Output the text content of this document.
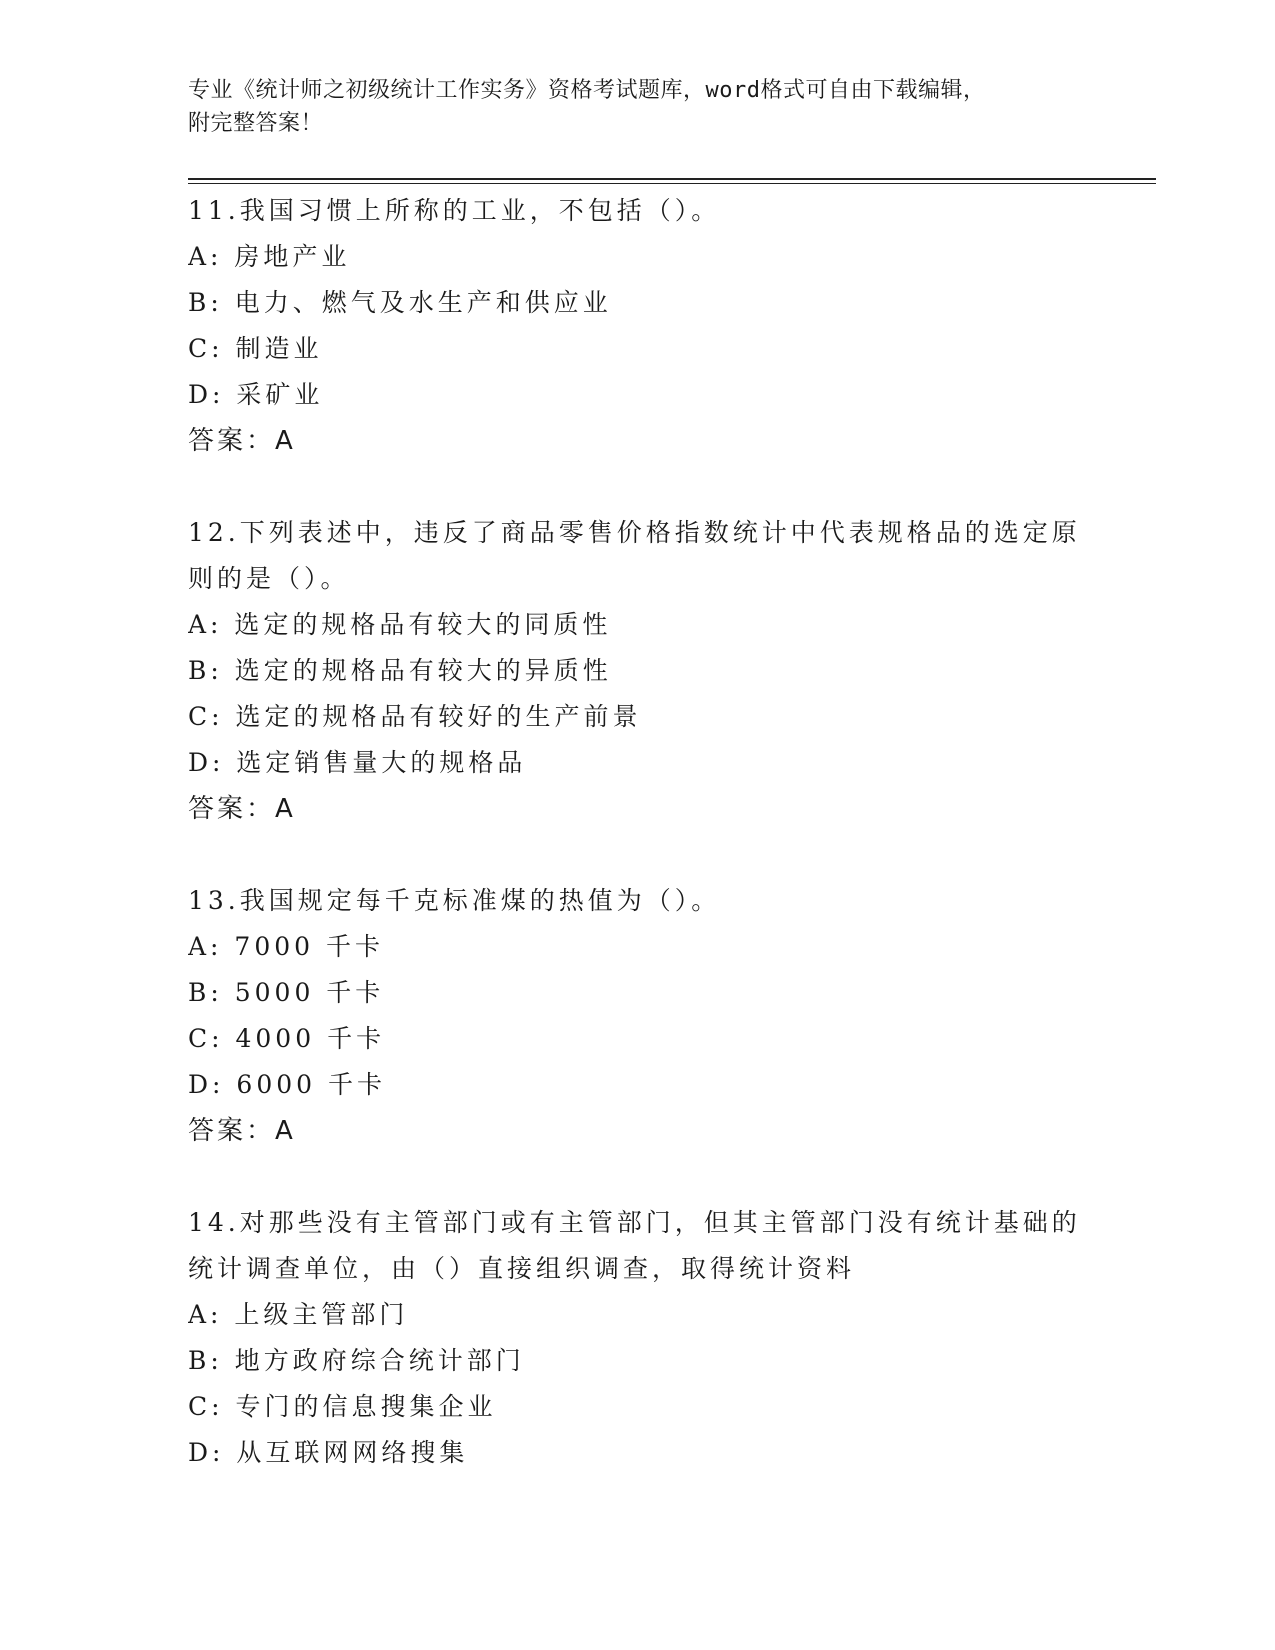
专业《统计师之初级统计工作实务》资格考试题库，word格式可自由下载编辑，
附完整答案！
11.我国习惯上所称的工业，不包括（）。
A: 房地产业
B: 电力、燃气及水生产和供应业
C: 制造业
D: 采矿业
答案：A
12.下列表述中，违反了商品零售价格指数统计中代表规格品的选定原
则的是（）。
A: 选定的规格品有较大的同质性
B: 选定的规格品有较大的异质性
C: 选定的规格品有较好的生产前景
D: 选定销售量大的规格品
答案：A
13.我国规定每千克标准煤的热值为（）。
A: 7000 千卡
B: 5000 千卡
C: 4000 千卡
D: 6000 千卡
答案：A
14.对那些没有主管部门或有主管部门，但其主管部门没有统计基础的
统计调查单位，由（）直接组织调查，取得统计资料
A: 上级主管部门
B: 地方政府综合统计部门
C: 专门的信息搜集企业
D: 从互联网网络搜集
